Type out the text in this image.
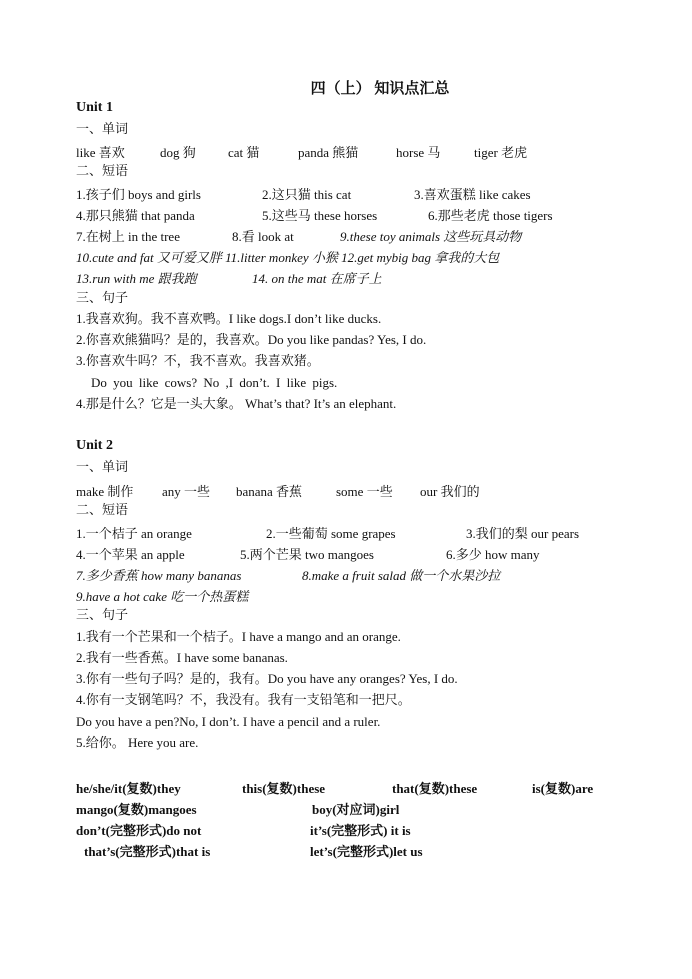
四（上） 知识点汇总
Unit 1
一、单词
like 喜欢	dog 狗 cat 猫	panda 熊猫	horse 马	tiger 老虎
二、短语
1.孩子们 boys and girls	2.这只猫 this cat	3.喜欢蛋糕 like cakes
4.那只熊猫 that panda	5.这些马 these horses	6.那些老虎 those tigers
7.在树上 in the tree	8.看 look at	9.these toy animals 这些玩具动物
10.cute and fat 又可爱又胖 11.litter monkey 小猴 12.get mybig bag 拿我的大包
13.run with me 跟我跑	14. on the mat 在席子上
三、句子
1.我喜欢狗。我不喜欢鸭。I like dogs.I don’t like ducks.
2.你喜欢熊猫吗？是的，我喜欢。Do you like pandas? Yes, I do.
3.你喜欢牛吗？不，我不喜欢。我喜欢猪。
Do you like cows? No ,I don’t. I like pigs.
4.那是什么？它是一头大象。 What’s that? It’s an elephant.
Unit 2
一、单词
make 制作 any 一些 banana 香蕉	some 一些 our 我们的
二、短语
1.一个桔子 an orange	2.一些葡萄 some grapes	3.我们的梨 our pears
4.一个苹果 an apple	5.两个芒果 two mangoes	6.多少 how many
7.多少香蕉 how many bananas	8.make a fruit salad 做一个水果沙拉
9.have a hot cake 吃一个热蛋糕
三、句子
1.我有一个芒果和一个桔子。I have a mango and an orange.
2.我有一些香蕉。I have some bananas.
3.你有一些句子吗？是的，我有。Do you have any oranges? Yes, I do.
4.你有一支钢笔吗？不，我没有。我有一支铅笔和一把尺。
Do you have a pen?No, I don’t. I have a pencil and a ruler.
5.给你。 Here you are.
he/she/it(复数)they	this(复数)these	that(复数)these	is(复数)are
mango(复数)mangoes	boy(对应词)girl
don’t(完整形式)do not	it’s(完整形式) it is
that’s(完整形式)that is	let’s(完整形式)let us
